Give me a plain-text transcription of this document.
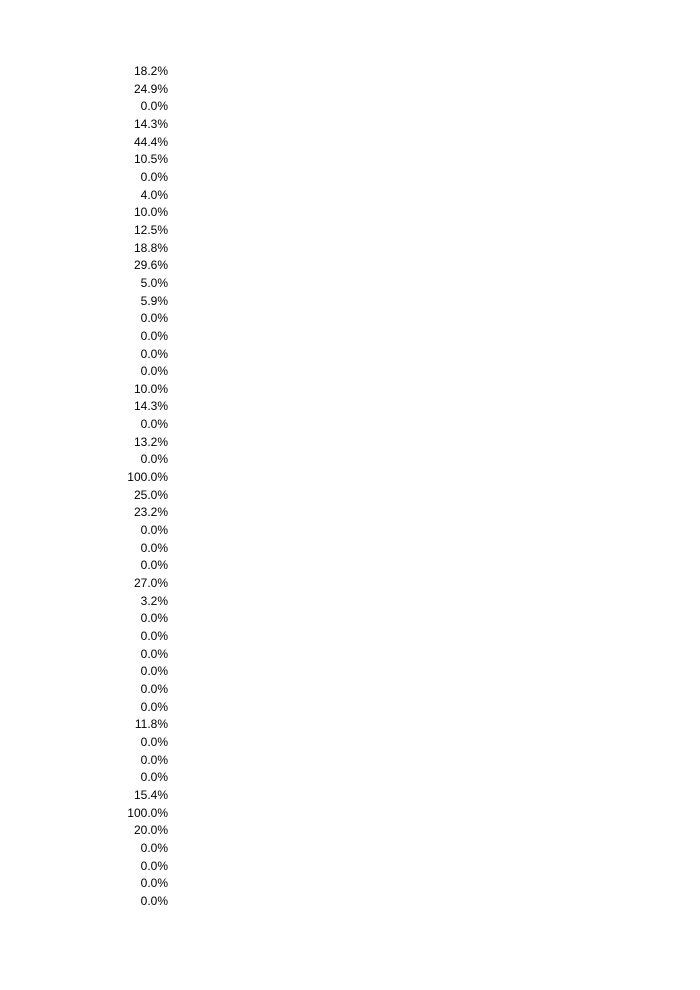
18.2%
24.9%
0.0%
14.3%
44.4%
10.5%
0.0%
4.0%
10.0%
12.5%
18.8%
29.6%
5.0%
5.9%
0.0%
0.0%
0.0%
0.0%
10.0%
14.3%
0.0%
13.2%
0.0%
100.0%
25.0%
23.2%
0.0%
0.0%
0.0%
27.0%
3.2%
0.0%
0.0%
0.0%
0.0%
0.0%
0.0%
11.8%
0.0%
0.0%
0.0%
15.4%
100.0%
20.0%
0.0%
0.0%
0.0%
0.0%
